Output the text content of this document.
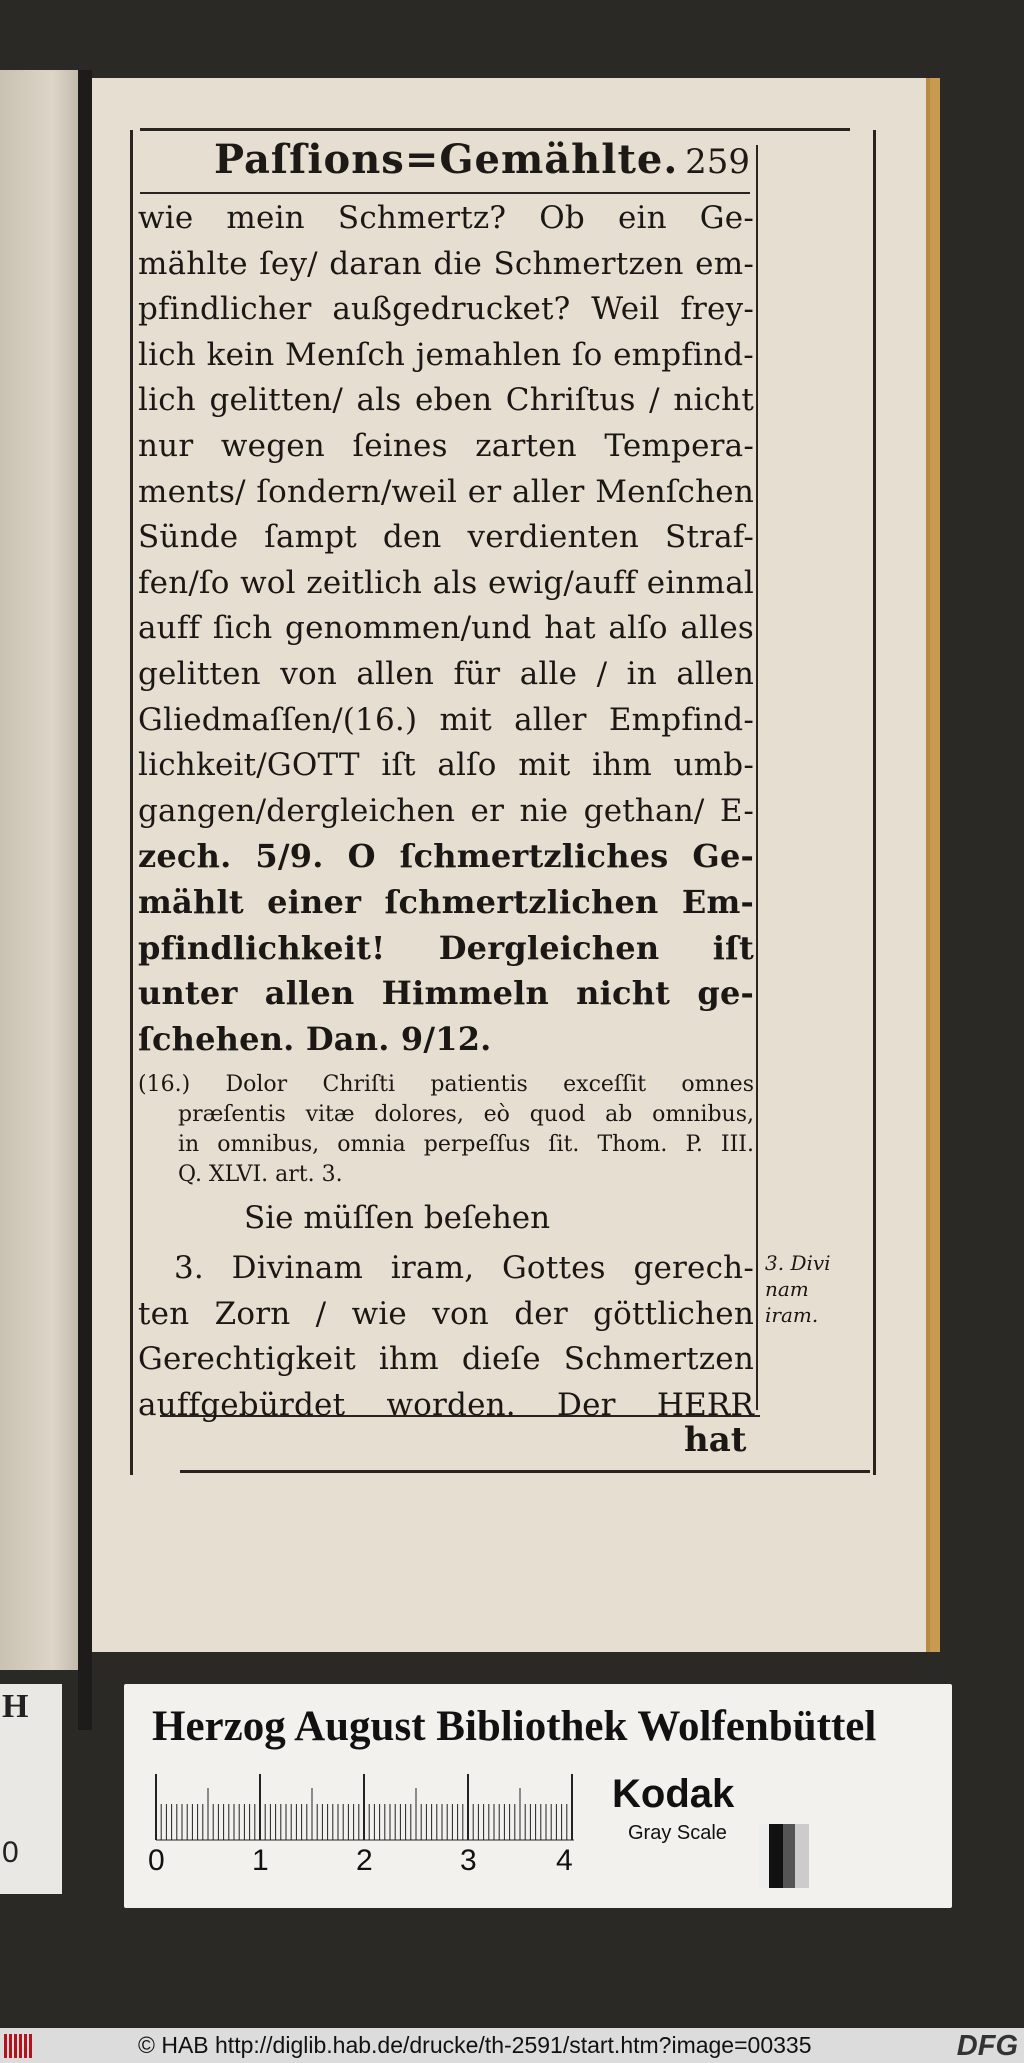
Paſſions=Gemählte. 259
wie mein Schmertz? Ob ein Ge-
mählte ſey/ daran die Schmertzen em-
pfindlicher außgedrucket? Weil frey-
lich kein Menſch jemahlen ſo empfind-
lich gelitten/ als eben Chriſtus / nicht
nur wegen ſeines zarten Tempera-
ments/ ſondern/weil er aller Menſchen
Sünde ſampt den verdienten Straf-
fen/ſo wol zeitlich als ewig/auff einmal
auff ſich genommen/und hat alſo alles
gelitten von allen für alle / in allen
Gliedmaſſen/(16.) mit aller Empfind-
lichkeit/GOTT iſt alſo mit ihm umb-
gangen/dergleichen er nie gethan/ E-
zech. 5/9. O ſchmertzliches Ge-
mählt einer ſchmertzlichen Em-
pfindlichkeit! Dergleichen iſt
unter allen Himmeln nicht ge-
ſchehen. Dan. 9/12.
(16.) Dolor Chriſti patientis exceſſit omnes
præſentis vitæ dolores, eò quod ab omnibus,
in omnibus, omnia perpeſſus ſit. Thom. P. III.
Q. XLVI. art. 3.
Sie müſſen beſehen
3. Divinam iram, Gottes gerech-
ten Zorn / wie von der göttlichen
Gerechtigkeit ihm dieſe Schmertzen
auffgebürdet worden. Der HERR
3. Divi
nam
iram.
hat
H
0
Herzog August Bibliothek Wolfenbüttel
0	1	2	3	4
Kodak
Gray Scale
© HAB http://diglib.hab.de/drucke/th-2591/start.htm?image=00335	DFG
